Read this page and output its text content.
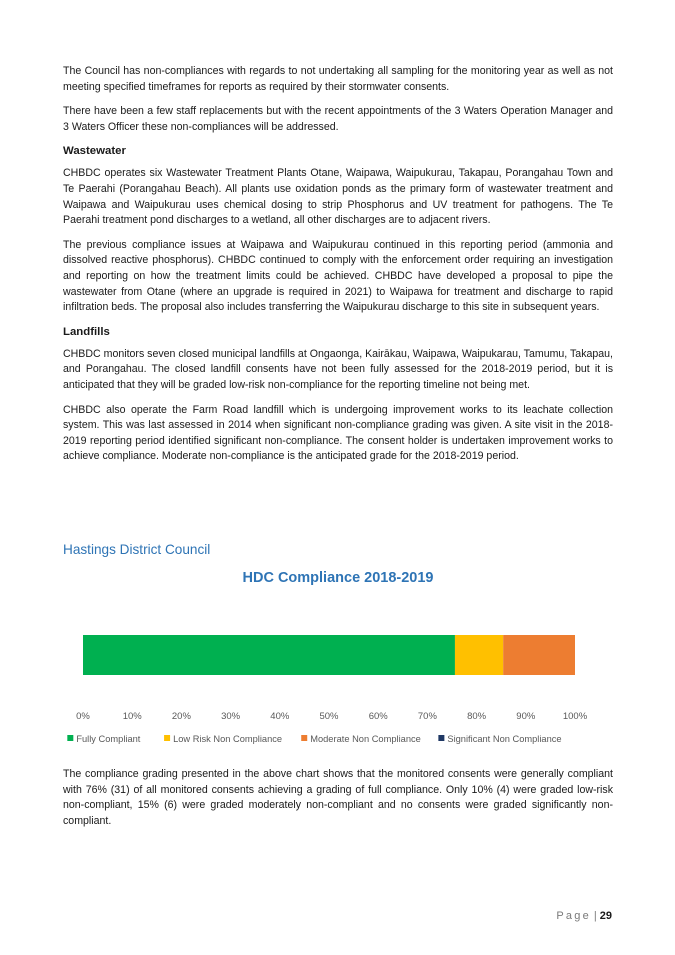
The Council has non-compliances with regards to not undertaking all sampling for the monitoring year as well as not meeting specified timeframes for reports as required by their stormwater consents.

There have been a few staff replacements but with the recent appointments of the 3 Waters Operation Manager and 3 Waters Officer these non-compliances will be addressed.

Wastewater

CHBDC operates six Wastewater Treatment Plants Otane, Waipawa, Waipukurau, Takapau, Porangahau Town and Te Paerahi (Porangahau Beach). All plants use oxidation ponds as the primary form of wastewater treatment and Waipawa and Waipukurau uses chemical dosing to strip Phosphorus and UV treatment for pathogens. The Te Paerahi treatment pond discharges to a wetland, all other discharges are to adjacent rivers.

The previous compliance issues at Waipawa and Waipukurau continued in this reporting period (ammonia and dissolved reactive phosphorus). CHBDC continued to comply with the enforcement order requiring an investigation and reporting on how the treatment limits could be achieved. CHBDC have developed a proposal to pipe the wastewater from Otane (where an upgrade is required in 2021) to Waipawa for treatment and discharge to rapid infiltration beds. The proposal also includes transferring the Waipukurau discharge to this site in subsequent years.

Landfills

CHBDC monitors seven closed municipal landfills at Ongaonga, Kairākau, Waipawa, Waipukarau, Tamumu, Takapau, and Porangahau. The closed landfill consents have not been fully assessed for the 2018-2019 period, but it is anticipated that they will be graded low-risk non-compliance for the reporting timeline not being met.

CHBDC also operate the Farm Road landfill which is undergoing improvement works to its leachate collection system. This was last assessed in 2014 when significant non-compliance grading was given. A site visit in the 2018-2019 reporting period identified significant non-compliance. The consent holder is undertaken improvement works to achieve compliance. Moderate non-compliance is the anticipated grade for the 2018-2019 period.

Hastings District Council
HDC Compliance 2018-2019
0%	10%	20%	30%	40%	50%	60%	70%	80%	90%	100%
Fully Compliant	Low Risk Non Compliance	Moderate Non Compliance	Significant Non Compliance

The compliance grading presented in the above chart shows that the monitored consents were generally compliant with 76% (31) of all monitored consents achieving a grading of full compliance. Only 10% (4) were graded low-risk non-compliant, 15% (6) were graded moderately non-compliant and no consents were graded significantly non-compliant.

Page | 29
